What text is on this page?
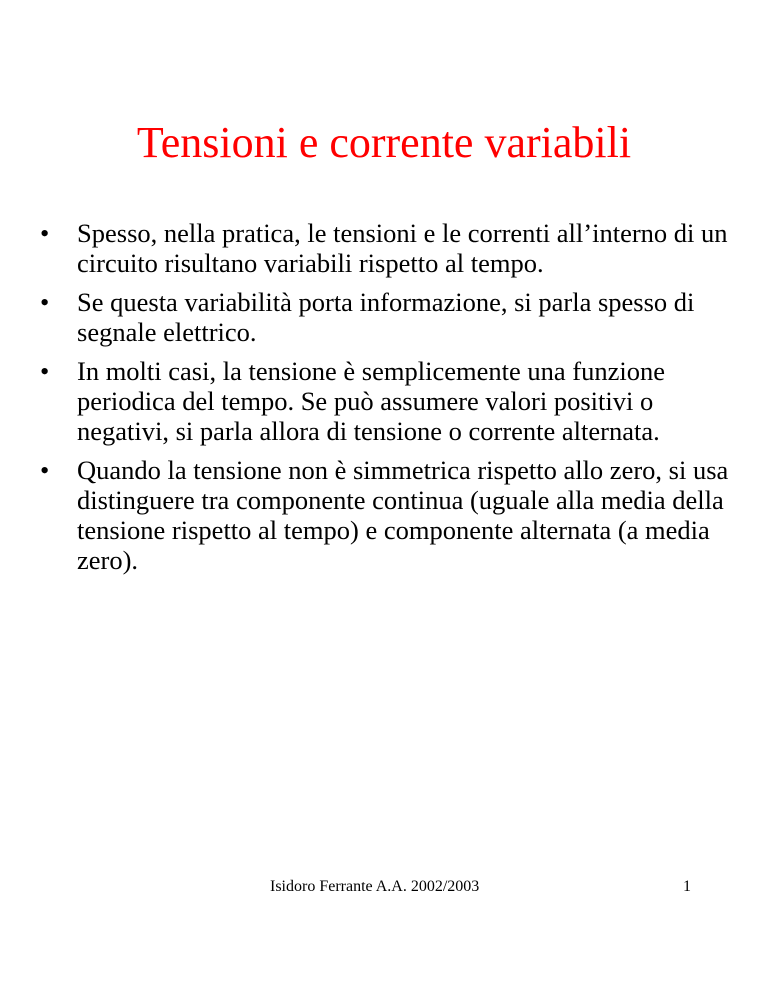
Tensioni e corrente variabili
•	Spesso, nella pratica, le tensioni e le correnti all’interno di un circuito risultano variabili rispetto al tempo.
•	Se questa variabilità porta informazione, si parla spesso di segnale elettrico.
•	In molti casi, la tensione è semplicemente una funzione periodica del tempo. Se può assumere valori positivi o negativi, si parla allora di tensione o corrente alternata.
•	Quando la tensione non è simmetrica rispetto allo zero, si usa distinguere tra componente continua (uguale alla media della tensione rispetto al tempo) e componente alternata (a media zero).
Isidoro Ferrante A.A. 2002/2003	1
